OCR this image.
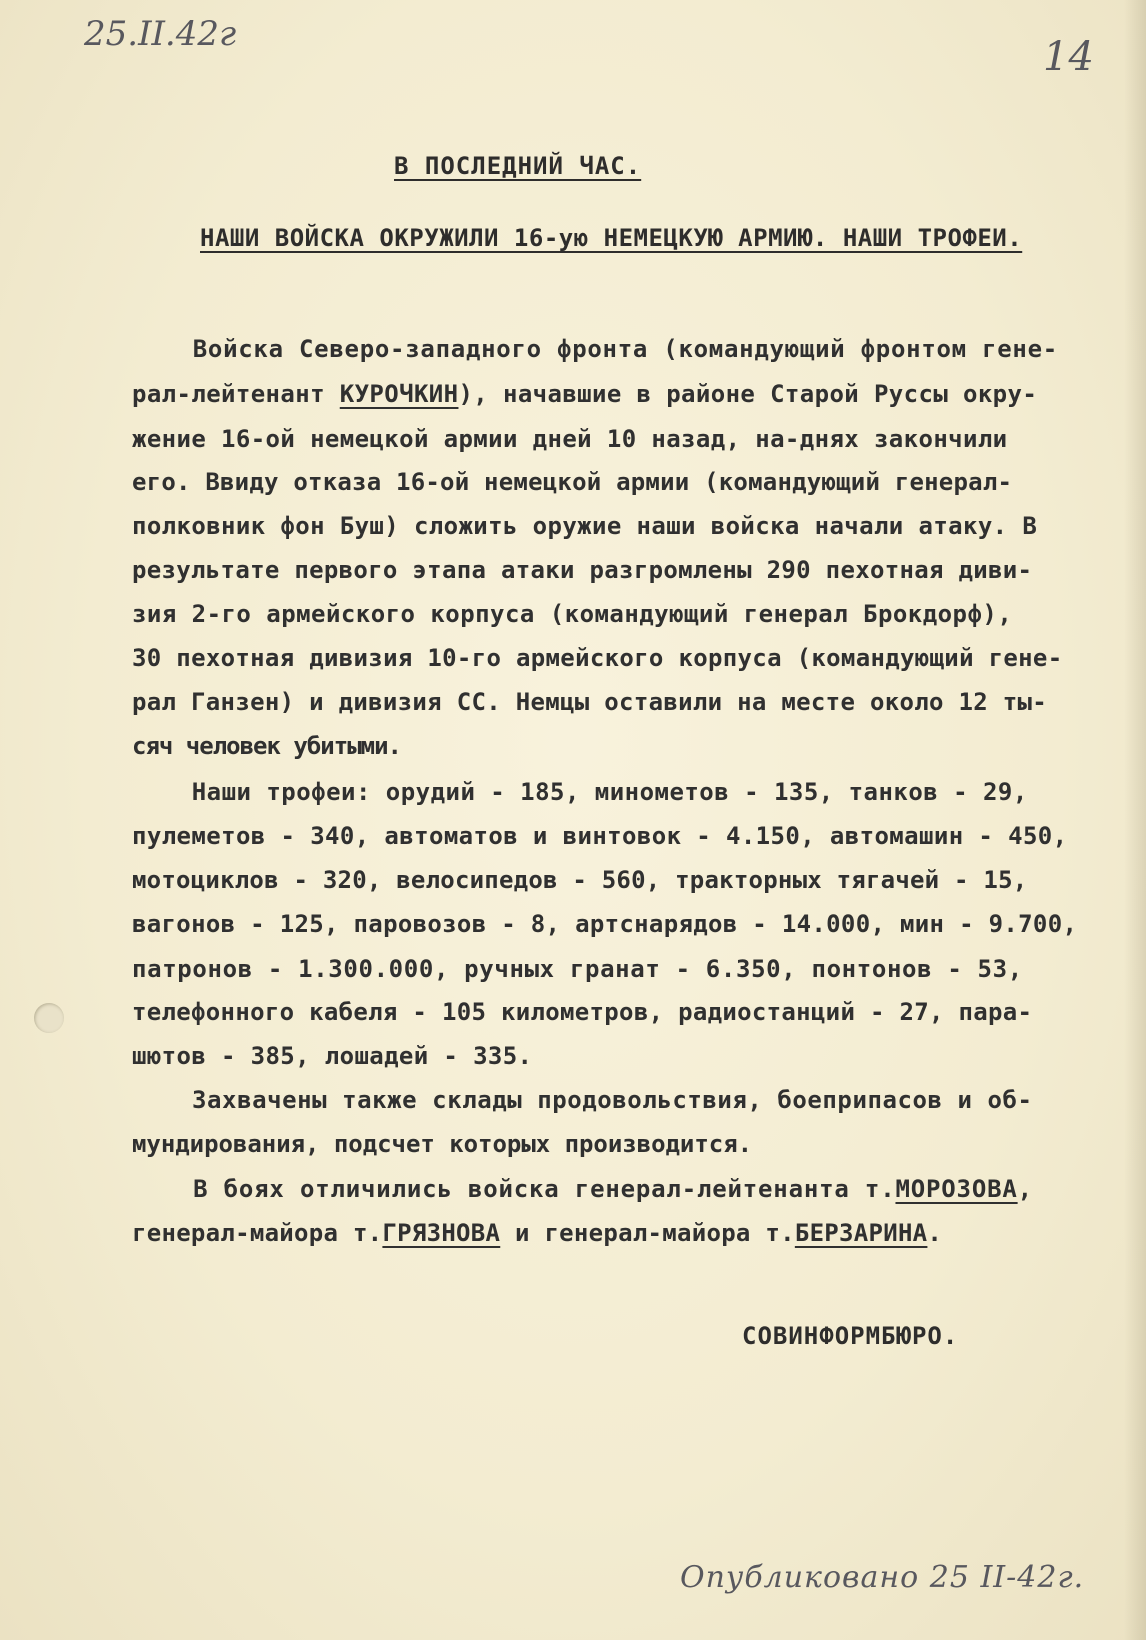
25.II.42г	14
В ПОСЛЕДНИЙ ЧАС.
НАШИ ВОЙСКА ОКРУЖИЛИ 16-ую НЕМЕЦКУЮ АРМИЮ. НАШИ ТРОФЕИ.
Войска Северо-западного фронта (командующий фронтом гене-
рал-лейтенант КУРОЧКИН), начавшие в районе Старой Руссы окру-
жение 16-ой немецкой армии дней 10 назад, на-днях закончили
его. Ввиду отказа 16-ой немецкой армии (командующий генерал-
полковник фон Буш) сложить оружие наши войска начали атаку. В
результате первого этапа атаки разгромлены 290 пехотная диви-
зия 2-го армейского корпуса (командующий генерал Брокдорф),
30 пехотная дивизия 10-го армейского корпуса (командующий гене-
рал Ганзен) и дивизия СС. Немцы оставили на месте около 12 ты-
сяч человек убитыми.
Наши трофеи: орудий - 185, минометов - 135, танков - 29,
пулеметов - 340, автоматов и винтовок - 4.150, автомашин - 450,
мотоциклов - 320, велосипедов - 560, тракторных тягачей - 15,
вагонов - 125, паровозов - 8, артснарядов - 14.000, мин - 9.700,
патронов - 1.300.000, ручных гранат - 6.350, понтонов - 53,
телефонного кабеля - 105 километров, радиостанций - 27, пара-
шютов - 385, лошадей - 335.
Захвачены также склады продовольствия, боеприпасов и об-
мундирования, подсчет которых производится.
В боях отличились войска генерал-лейтенанта т.МОРОЗОВА,
генерал-майора т.ГРЯЗНОВА и генерал-майора т.БЕРЗАРИНА.
СОВИНФОРМБЮРО.
Опубликовано 25 II-42г.
